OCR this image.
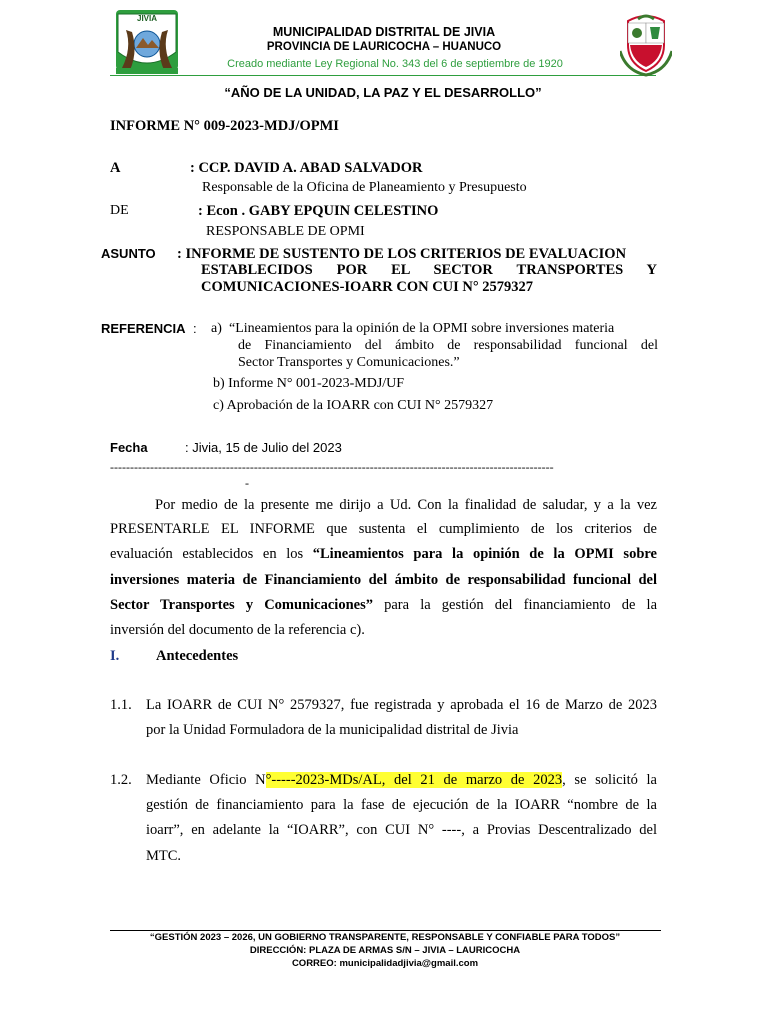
JIVIA
MUNICIPALIDAD DISTRITAL DE JIVIA
PROVINCIA DE LAURICOCHA – HUANUCO
Creado mediante Ley Regional No. 343 del 6 de septiembre de 1920
“AÑO DE LA UNIDAD, LA PAZ Y EL DESARROLLO”
INFORME N° 009-2023-MDJ/OPMI
A	: CCP. DAVID A. ABAD SALVADOR
Responsable de la Oficina de Planeamiento y Presupuesto
DE	: Econ . GABY EPQUIN CELESTINO
RESPONSABLE DE OPMI
ASUNTO : INFORME DE SUSTENTO DE LOS CRITERIOS DE EVALUACION
ESTABLECIDOS POR EL SECTOR TRANSPORTES Y
COMUNICACIONES-IOARR CON CUI N° 2579327
REFERENCIA : a) “Lineamientos para la opinión de la OPMI sobre inversiones materia
de Financiamiento del ámbito de responsabilidad funcional del
Sector Transportes y Comunicaciones.”
b) Informe N° 001-2023-MDJ/UF
c) Aprobación de la IOARR con CUI N° 2579327
Fecha	: Jivia, 15 de Julio del 2023
---------------------------------------------------------------------------------------------------------------
-
Por medio de la presente me dirijo a Ud. Con la finalidad de saludar, y a la vez
PRESENTARLE EL INFORME que sustenta el cumplimiento de los criterios de
evaluación establecidos en los “Lineamientos para la opinión de la OPMI sobre
inversiones materia de Financiamiento del ámbito de responsabilidad funcional del
Sector Transportes y Comunicaciones” para la gestión del financiamiento de la
inversión del documento de la referencia c).
I.	Antecedentes
1.1. La IOARR de CUI N° 2579327, fue registrada y aprobada el 16 de Marzo de 2023
por la Unidad Formuladora de la municipalidad distrital de Jivia
1.2. Mediante Oficio N°-----2023-MDs/AL, del 21 de marzo de 2023, se solicitó la
gestión de financiamiento para la fase de ejecución de la IOARR “nombre de la
ioarr”, en adelante la “IOARR”, con CUI N° ----, a Provias Descentralizado del
MTC.
“GESTIÓN 2023 – 2026, UN GOBIERNO TRANSPARENTE, RESPONSABLE Y CONFIABLE PARA TODOS”
DIRECCIÓN: PLAZA DE ARMAS S/N – JIVIA – LAURICOCHA
CORREO: municipalidadjivia@gmail.com
